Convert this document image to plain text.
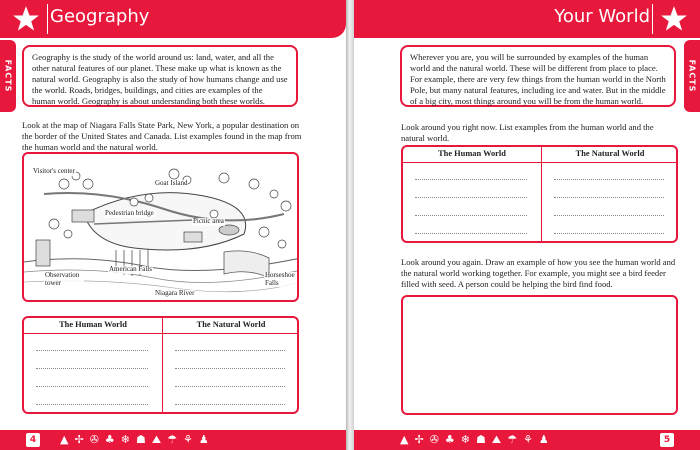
Geography
FACTS
Geography is the study of the world around us: land, water, and all the other natural features of our planet. These make up what is known as the natural world. Geography is also the study of how humans change and use the world. Roads, bridges, buildings, and cities are examples of the human world. Geography is about understanding both these worlds.
Look at the map of Niagara Falls State Park, New York, a popular destination on the border of the United States and Canada. List examples found in the map from the human world and the natural world.
Visitor's center
Goat Island
Pedestrian bridge
Picnic area
Observation tower
American Falls
Horseshoe Falls
Niagara River
The Human World	The Natural World
4	▲ ✢ ✇ ♣ ❄ ☗ ⛰ ☂ ⚘ ♟
Your World
FACTS
Wherever you are, you will be surrounded by examples of the human world and the natural world. These will be different from place to place. For example, there are very few things from the human world in the North Pole, but many natural features, including ice and water. But in the middle of a big city, most things around you will be from the human world.
Look around you right now. List examples from the human world and the natural world.
The Human World	The Natural World
Look around you again. Draw an example of how you see the human world and the natural world working together. For example, you might see a bird feeder filled with seed. A person could be helping the bird find food.
▲ ✢ ✇ ♣ ❄ ☗ ⛰ ☂ ⚘ ♟	5
